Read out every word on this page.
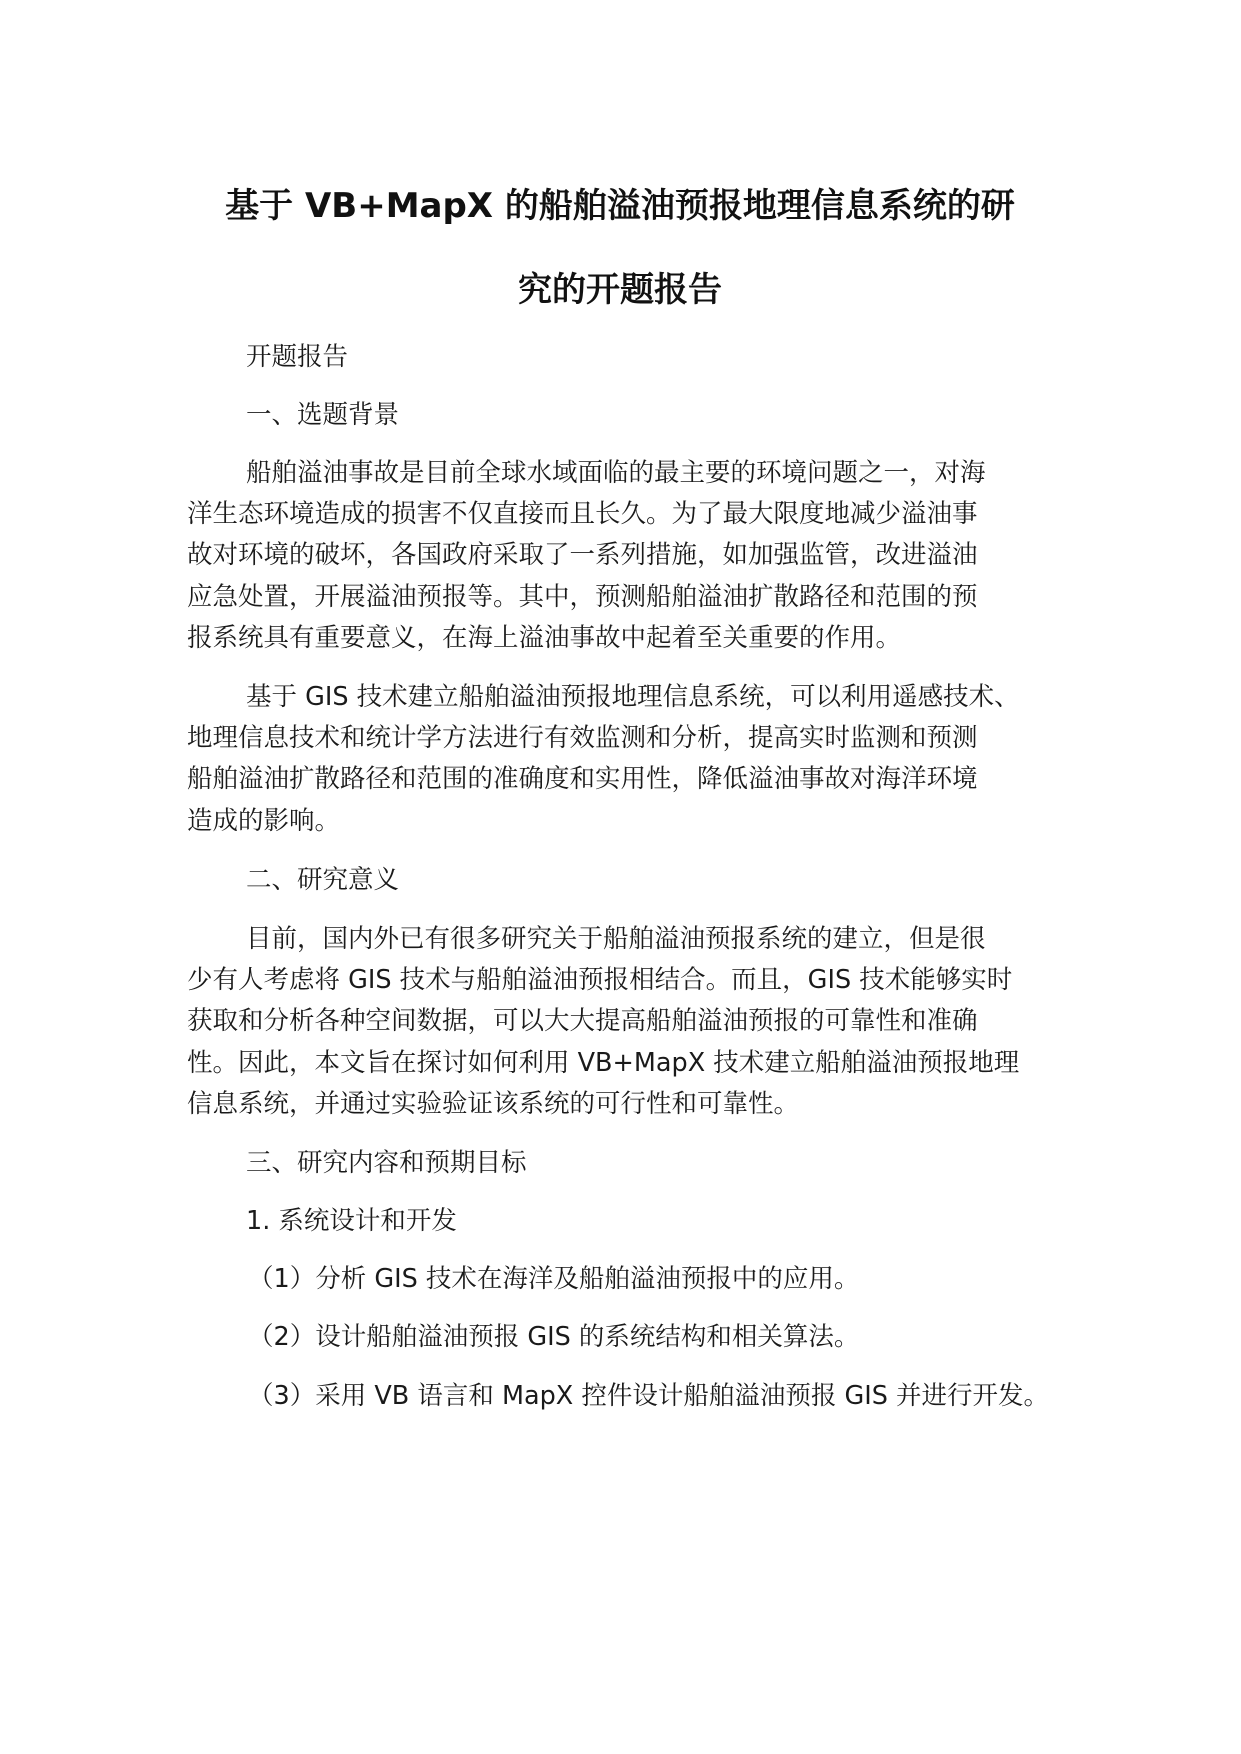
基于 VB+MapX 的船舶溢油预报地理信息系统的研
究的开题报告
开题报告
一、选题背景
船舶溢油事故是目前全球水域面临的最主要的环境问题之一，对海
洋生态环境造成的损害不仅直接而且长久。为了最大限度地减少溢油事
故对环境的破坏，各国政府采取了一系列措施，如加强监管，改进溢油
应急处置，开展溢油预报等。其中，预测船舶溢油扩散路径和范围的预
报系统具有重要意义，在海上溢油事故中起着至关重要的作用。
基于 GIS 技术建立船舶溢油预报地理信息系统，可以利用遥感技术、
地理信息技术和统计学方法进行有效监测和分析，提高实时监测和预测
船舶溢油扩散路径和范围的准确度和实用性，降低溢油事故对海洋环境
造成的影响。
二、研究意义
目前，国内外已有很多研究关于船舶溢油预报系统的建立，但是很
少有人考虑将 GIS 技术与船舶溢油预报相结合。而且，GIS 技术能够实时
获取和分析各种空间数据，可以大大提高船舶溢油预报的可靠性和准确
性。因此，本文旨在探讨如何利用 VB+MapX 技术建立船舶溢油预报地理
信息系统，并通过实验验证该系统的可行性和可靠性。
三、研究内容和预期目标
1. 系统设计和开发
（1）分析 GIS 技术在海洋及船舶溢油预报中的应用。
（2）设计船舶溢油预报 GIS 的系统结构和相关算法。
（3）采用 VB 语言和 MapX 控件设计船舶溢油预报 GIS 并进行开发。
